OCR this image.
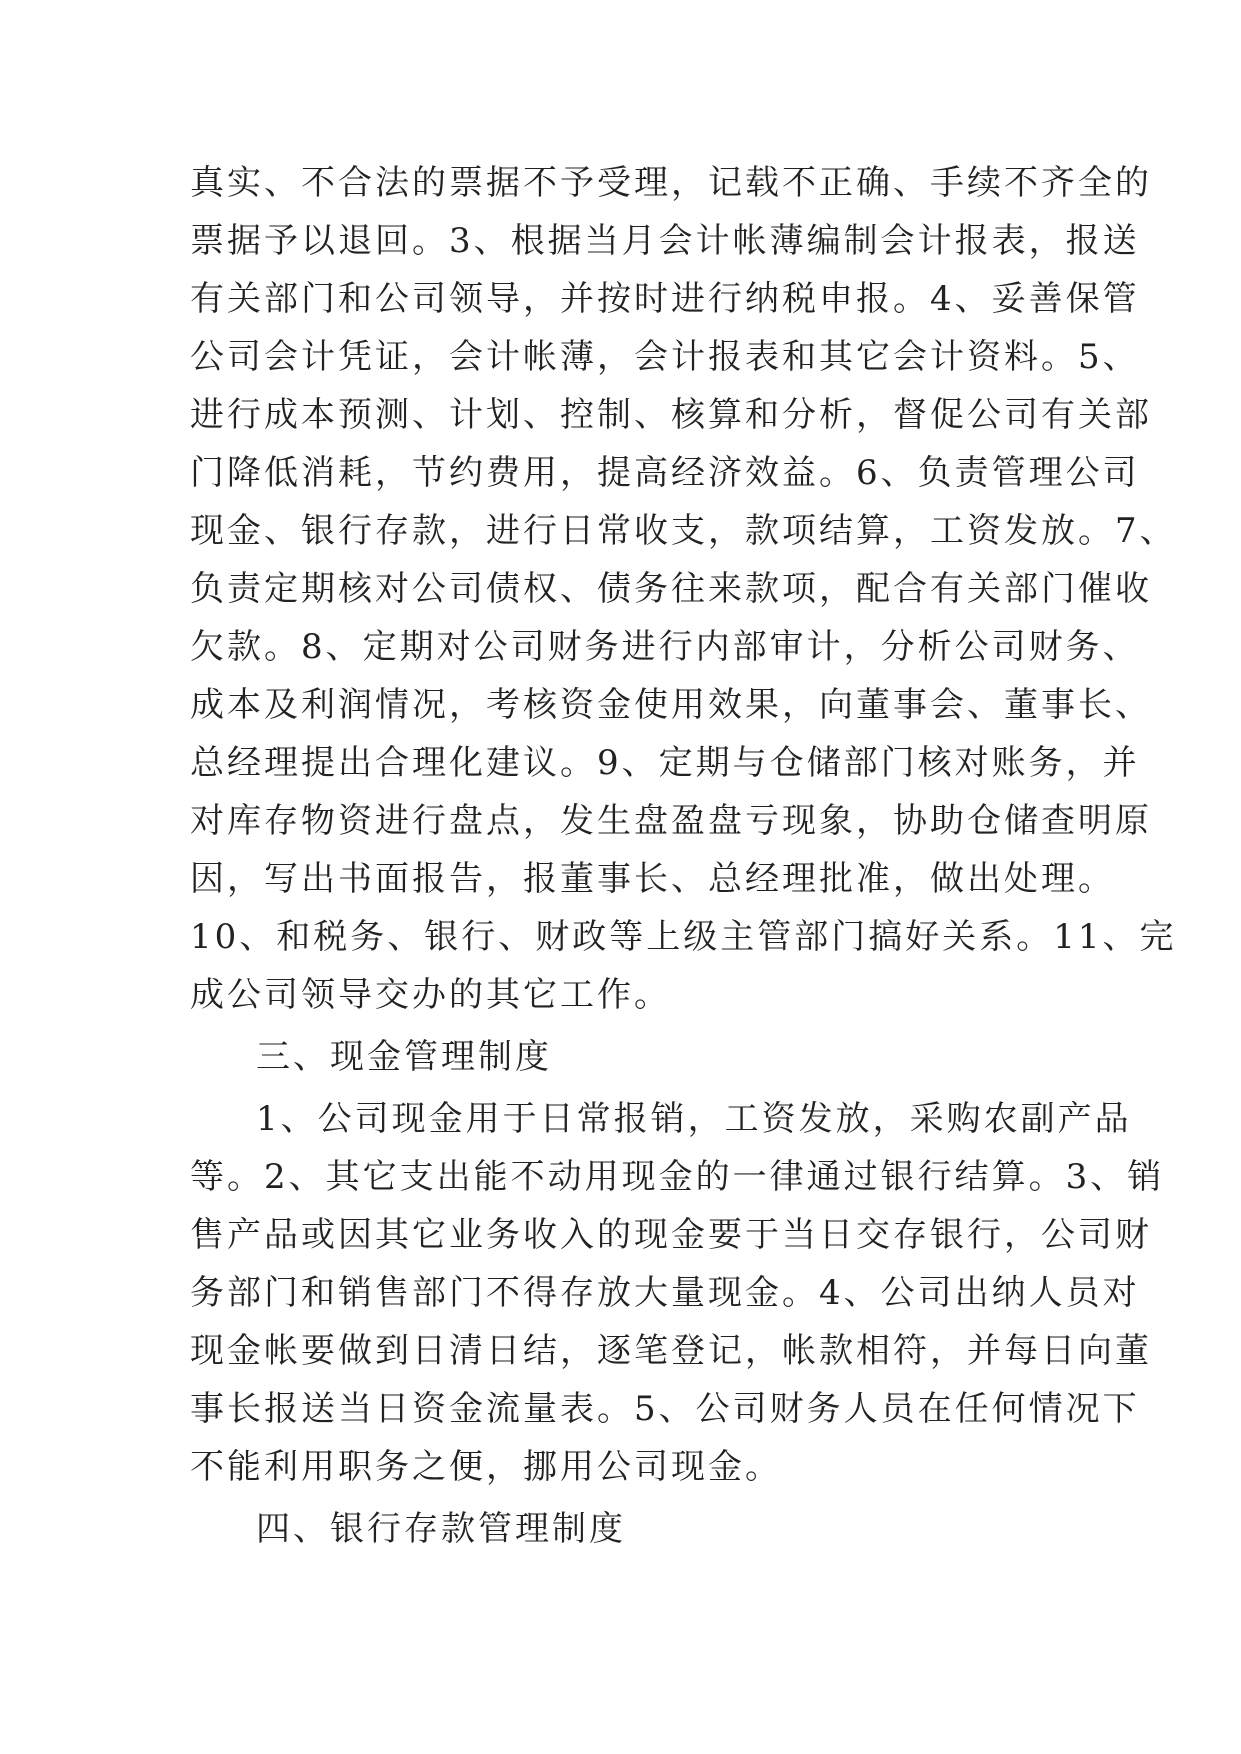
真实、不合法的票据不予受理，记载不正确、手续不齐全的
票据予以退回。3、根据当月会计帐薄编制会计报表，报送
有关部门和公司领导，并按时进行纳税申报。4、妥善保管
公司会计凭证，会计帐薄，会计报表和其它会计资料。5、
进行成本预测、计划、控制、核算和分析，督促公司有关部
门降低消耗，节约费用，提高经济效益。6、负责管理公司
现金、银行存款，进行日常收支，款项结算，工资发放。7、
负责定期核对公司债权、债务往来款项，配合有关部门催收
欠款。8、定期对公司财务进行内部审计，分析公司财务、
成本及利润情况，考核资金使用效果，向董事会、董事长、
总经理提出合理化建议。9、定期与仓储部门核对账务，并
对库存物资进行盘点，发生盘盈盘亏现象，协助仓储查明原
因，写出书面报告，报董事长、总经理批准，做出处理。
10、和税务、银行、财政等上级主管部门搞好关系。11、完
成公司领导交办的其它工作。
三、现金管理制度
1、公司现金用于日常报销，工资发放，采购农副产品
等。2、其它支出能不动用现金的一律通过银行结算。3、销
售产品或因其它业务收入的现金要于当日交存银行，公司财
务部门和销售部门不得存放大量现金。4、公司出纳人员对
现金帐要做到日清日结，逐笔登记，帐款相符，并每日向董
事长报送当日资金流量表。5、公司财务人员在任何情况下
不能利用职务之便，挪用公司现金。
四、银行存款管理制度
